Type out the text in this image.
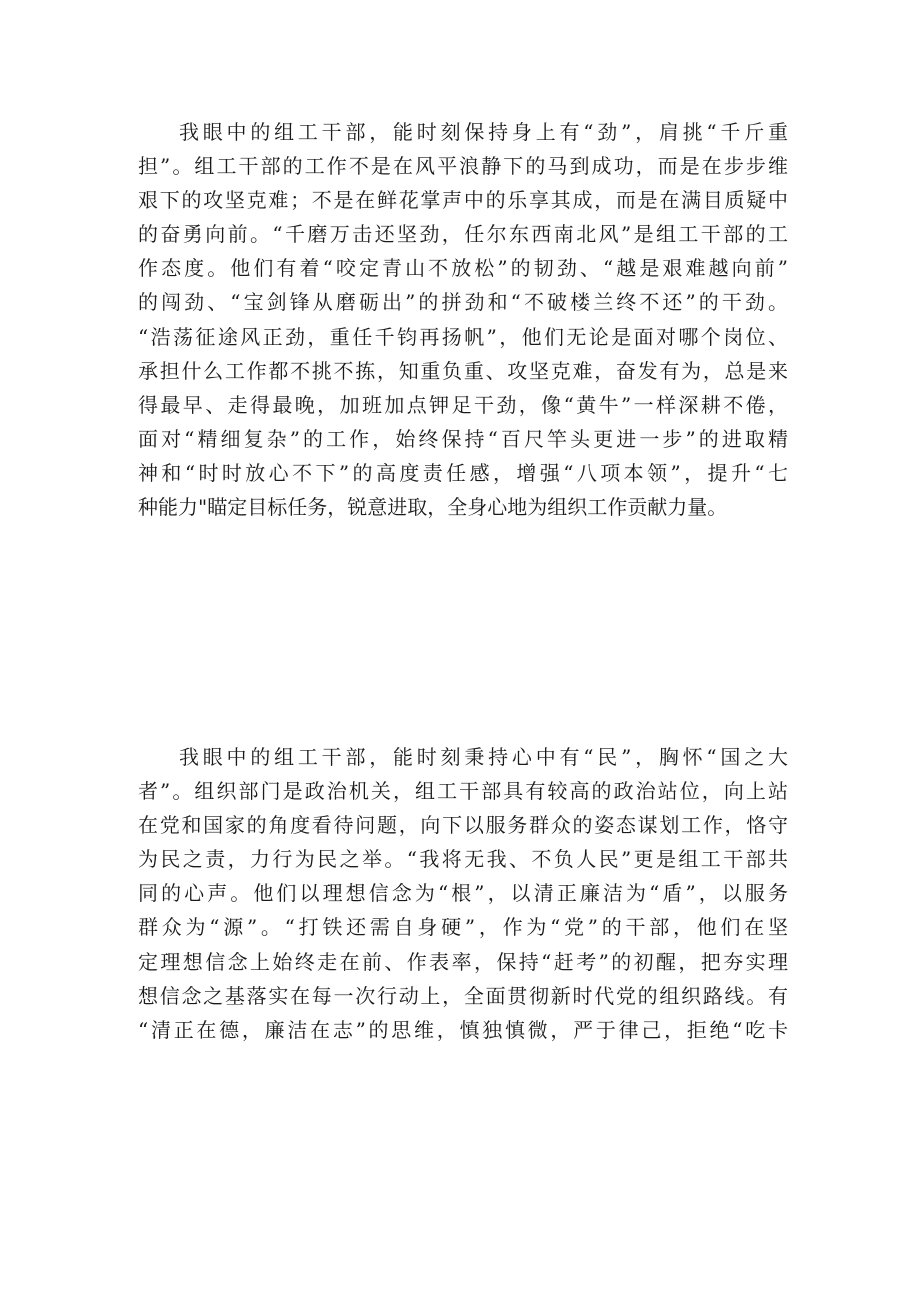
我眼中的组工干部，能时刻保持身上有“劲”，肩挑“千斤重
担”。组工干部的工作不是在风平浪静下的马到成功，而是在步步维
艰下的攻坚克难；不是在鲜花掌声中的乐享其成，而是在满目质疑中
的奋勇向前。“千磨万击还坚劲，任尔东西南北风”是组工干部的工
作态度。他们有着“咬定青山不放松”的韧劲、“越是艰难越向前”
的闯劲、“宝剑锋从磨砺出”的拼劲和“不破楼兰终不还”的干劲。
“浩荡征途风正劲，重任千钧再扬帆”，他们无论是面对哪个岗位、
承担什么工作都不挑不拣，知重负重、攻坚克难，奋发有为，总是来
得最早、走得最晚，加班加点钾足干劲，像“黄牛”一样深耕不倦，
面对“精细复杂”的工作，始终保持“百尺竿头更进一步”的进取精
神和“时时放心不下”的高度责任感，增强“八项本领”，提升“七
种能力"瞄定目标任务，锐意进取，全身心地为组织工作贡献力量。
我眼中的组工干部，能时刻秉持心中有“民”，胸怀“国之大
者”。组织部门是政治机关，组工干部具有较高的政治站位，向上站
在党和国家的角度看待问题，向下以服务群众的姿态谋划工作，恪守
为民之责，力行为民之举。“我将无我、不负人民”更是组工干部共
同的心声。他们以理想信念为“根”，以清正廉洁为“盾”，以服务
群众为“源”。“打铁还需自身硬”，作为“党”的干部，他们在坚
定理想信念上始终走在前、作表率，保持“赶考”的初醒，把夯实理
想信念之基落实在每一次行动上，全面贯彻新时代党的组织路线。有
“清正在德，廉洁在志”的思维，慎独慎微，严于律己，拒绝“吃卡
